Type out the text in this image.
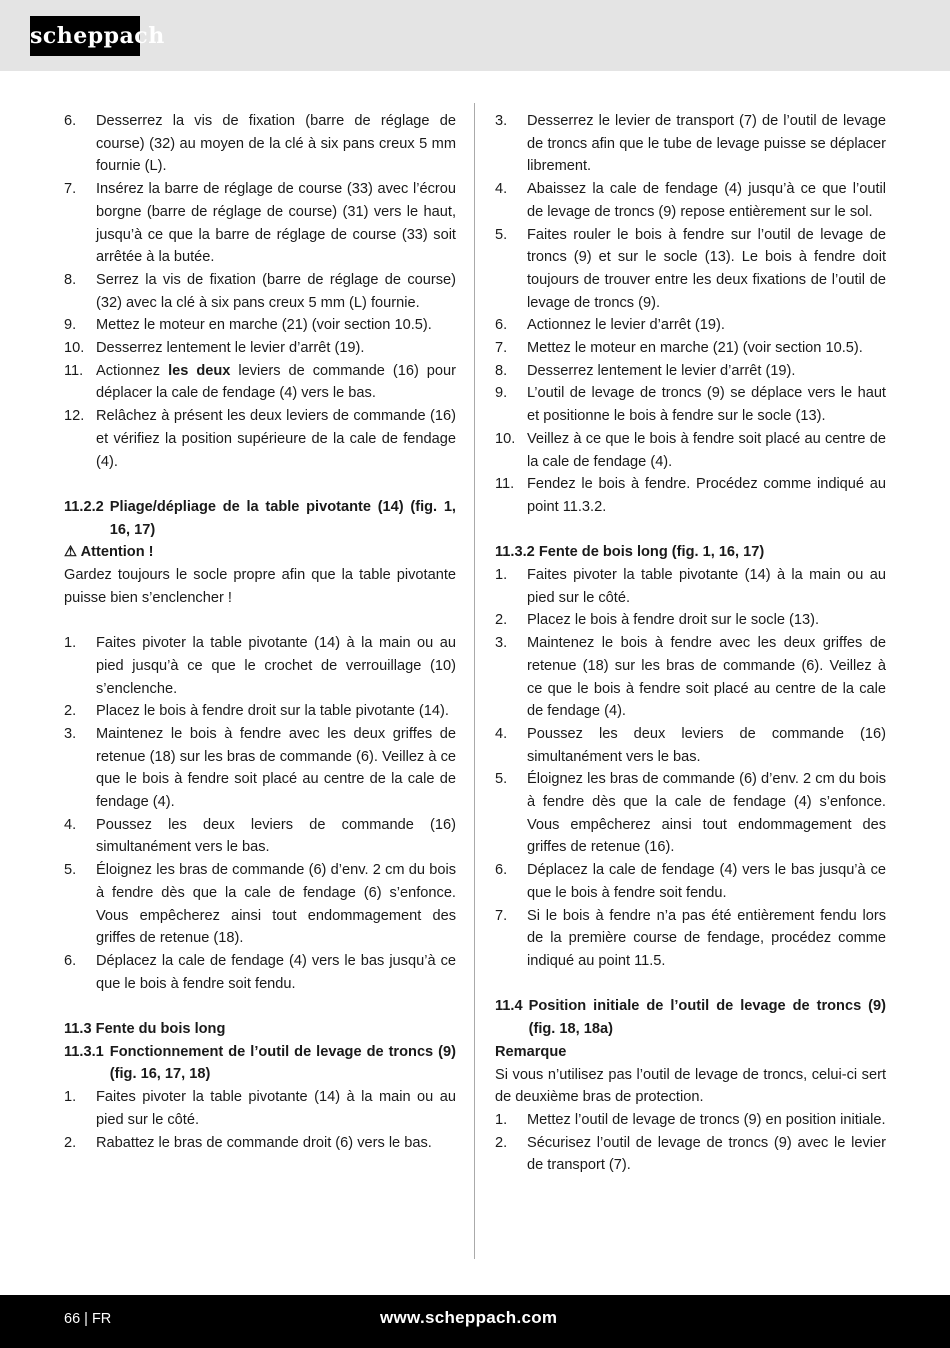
scheppach
6.	Desserrez la vis de fixation (barre de réglage de course) (32) au moyen de la clé à six pans creux 5 mm fournie (L).
7.	Insérez la barre de réglage de course (33) avec l’écrou borgne (barre de réglage de course) (31) vers le haut, jusqu’à ce que la barre de réglage de course (33) soit arrêtée à la butée.
8.	Serrez la vis de fixation (barre de réglage de course) (32) avec la clé à six pans creux 5 mm (L) fournie.
9.	Mettez le moteur en marche (21) (voir section 10.5).
10. Desserrez lentement le levier d’arrêt (19).
11. Actionnez les deux leviers de commande (16) pour déplacer la cale de fendage (4) vers le bas.
12. Relâchez à présent les deux leviers de commande (16) et vérifiez la position supérieure de la cale de fendage (4).
11.2.2 Pliage/dépliage de la table pivotante (14) (fig. 1, 16, 17)
⚠ Attention !
Gardez toujours le socle propre afin que la table pivotante puisse bien s’enclencher !
1.	Faites pivoter la table pivotante (14) à la main ou au pied jusqu’à ce que le crochet de verrouillage (10) s’enclenche.
2.	Placez le bois à fendre droit sur la table pivotante (14).
3.	Maintenez le bois à fendre avec les deux griffes de retenue (18) sur les bras de commande (6). Veillez à ce que le bois à fendre soit placé au centre de la cale de fendage (4).
4.	Poussez les deux leviers de commande (16) simultanément vers le bas.
5.	Éloignez les bras de commande (6) d’env. 2 cm du bois à fendre dès que la cale de fendage (6) s’enfonce. Vous empêcherez ainsi tout endommagement des griffes de retenue (18).
6.	Déplacez la cale de fendage (4) vers le bas jusqu’à ce que le bois à fendre soit fendu.
11.3 Fente du bois long
11.3.1 Fonctionnement de l’outil de levage de troncs (9) (fig. 16, 17, 18)
1.	Faites pivoter la table pivotante (14) à la main ou au pied sur le côté.
2.	Rabattez le bras de commande droit (6) vers le bas.
3.	Desserrez le levier de transport (7) de l’outil de levage de troncs afin que le tube de levage puisse se déplacer librement.
4.	Abaissez la cale de fendage (4) jusqu’à ce que l’outil de levage de troncs (9) repose entièrement sur le sol.
5.	Faites rouler le bois à fendre sur l’outil de levage de troncs (9) et sur le socle (13). Le bois à fendre doit toujours de trouver entre les deux fixations de l’outil de levage de troncs (9).
6.	Actionnez le levier d’arrêt (19).
7.	Mettez le moteur en marche (21) (voir section 10.5).
8.	Desserrez lentement le levier d’arrêt (19).
9.	L’outil de levage de troncs (9) se déplace vers le haut et positionne le bois à fendre sur le socle (13).
10. Veillez à ce que le bois à fendre soit placé au centre de la cale de fendage (4).
11. Fendez le bois à fendre. Procédez comme indiqué au point 11.3.2.
11.3.2 Fente de bois long (fig. 1, 16, 17)
1.	Faites pivoter la table pivotante (14) à la main ou au pied sur le côté.
2.	Placez le bois à fendre droit sur le socle (13).
3.	Maintenez le bois à fendre avec les deux griffes de retenue (18) sur les bras de commande (6). Veillez à ce que le bois à fendre soit placé au centre de la cale de fendage (4).
4.	Poussez les deux leviers de commande (16) simultanément vers le bas.
5.	Éloignez les bras de commande (6) d’env. 2 cm du bois à fendre dès que la cale de fendage (4) s’enfonce. Vous empêcherez ainsi tout endommagement des griffes de retenue (16).
6.	Déplacez la cale de fendage (4) vers le bas jusqu’à ce que le bois à fendre soit fendu.
7.	Si le bois à fendre n’a pas été entièrement fendu lors de la première course de fendage, procédez comme indiqué au point 11.5.
11.4 Position initiale de l’outil de levage de troncs (9) (fig. 18, 18a)
Remarque
Si vous n’utilisez pas l’outil de levage de troncs, celui-ci sert de deuxième bras de protection.
1.	Mettez l’outil de levage de troncs (9) en position initiale.
2.	Sécurisez l’outil de levage de troncs (9) avec le levier de transport (7).
66 | FR	www.scheppach.com
